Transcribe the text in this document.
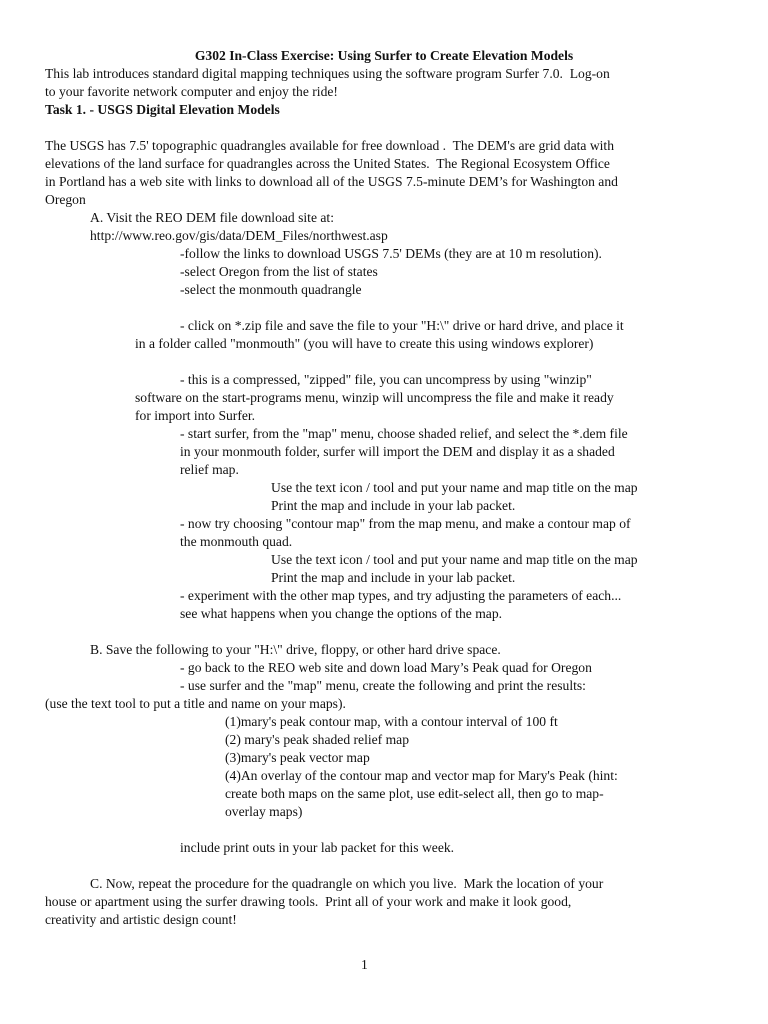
G302 In-Class Exercise: Using Surfer to Create Elevation Models
This lab introduces standard digital mapping techniques using the software program Surfer 7.0.  Log-on
to your favorite network computer and enjoy the ride!
Task 1. - USGS Digital Elevation Models
The USGS has 7.5' topographic quadrangles available for free download .  The DEM's are grid data with
elevations of the land surface for quadrangles across the United States.  The Regional Ecosystem Office
in Portland has a web site with links to download all of the USGS 7.5-minute DEM’s for Washington and
Oregon
A. Visit the REO DEM file download site at:
http://www.reo.gov/gis/data/DEM_Files/northwest.asp
-follow the links to download USGS 7.5' DEMs (they are at 10 m resolution).
-select Oregon from the list of states
-select the monmouth quadrangle
- click on *.zip file and save the file to your "H:\" drive or hard drive, and place it
in a folder called "monmouth" (you will have to create this using windows explorer)
- this is a compressed, "zipped" file, you can uncompress by using "winzip"
software on the start-programs menu, winzip will uncompress the file and make it ready
for import into Surfer.
- start surfer, from the "map" menu, choose shaded relief, and select the *.dem file
in your monmouth folder, surfer will import the DEM and display it as a shaded
relief map.
Use the text icon / tool and put your name and map title on the map
Print the map and include in your lab packet.
- now try choosing "contour map" from the map menu, and make a contour map of
the monmouth quad.
Use the text icon / tool and put your name and map title on the map
Print the map and include in your lab packet.
- experiment with the other map types, and try adjusting the parameters of each...
see what happens when you change the options of the map.
B. Save the following to your "H:\" drive, floppy, or other hard drive space.
- go back to the REO web site and down load Mary’s Peak quad for Oregon
- use surfer and the "map" menu, create the following and print the results:
(use the text tool to put a title and name on your maps).
(1)mary's peak contour map, with a contour interval of 100 ft
(2) mary's peak shaded relief map
(3)mary's peak vector map
(4)An overlay of the contour map and vector map for Mary's Peak (hint:
create both maps on the same plot, use edit-select all, then go to map-
overlay maps)
include print outs in your lab packet for this week.
C. Now, repeat the procedure for the quadrangle on which you live.  Mark the location of your
house or apartment using the surfer drawing tools.  Print all of your work and make it look good,
creativity and artistic design count!
1
